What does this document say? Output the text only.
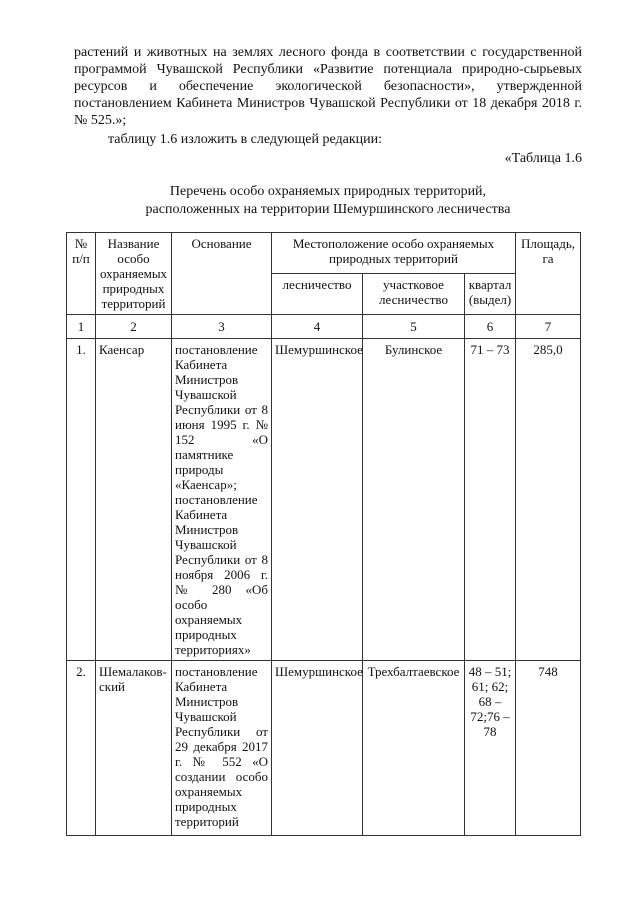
растений и животных на землях лесного фонда в соответствии с государственной программой Чувашской Республики «Развитие потенциала природно-сырьевых ресурсов и обеспечение экологической безопасности», утвержденной постановлением Кабинета Министров Чувашской Республики от 18 декабря 2018 г. № 525.»;

таблицу 1.6 изложить в следующей редакции:

«Таблица 1.6
Перечень особо охраняемых природных территорий,
расположенных на территории Шемуршинского лесничества
№ п/п	Название особо охраняемых природных территорий	Основание	Местоположение особо охраняемых природных территорий			Площадь, га
			лесничество	участковое лесничество	квартал (выдел)	
1	2	3	4	5	6	7
1.	Каенсар	постановление Кабинета Министров Чувашской Республики от 8 июня 1995 г. № 152 «О памятнике природы «Каенсар»; постановление Кабинета Министров Чувашской Республики от 8 ноября 2006 г. № 280 «Об особо охраняемых природных территориях»	Шемуршинское	Булинское	71 – 73	285,0
2.	Шемалаков-ский	постановление Кабинета Министров Чувашской Республики от 29 декабря 2017 г. № 552 «О создании особо охраняемых природных территорий	Шемуршинское	Трехбалтаевское	48 – 51; 61; 62; 68 – 72;76 – 78	748
